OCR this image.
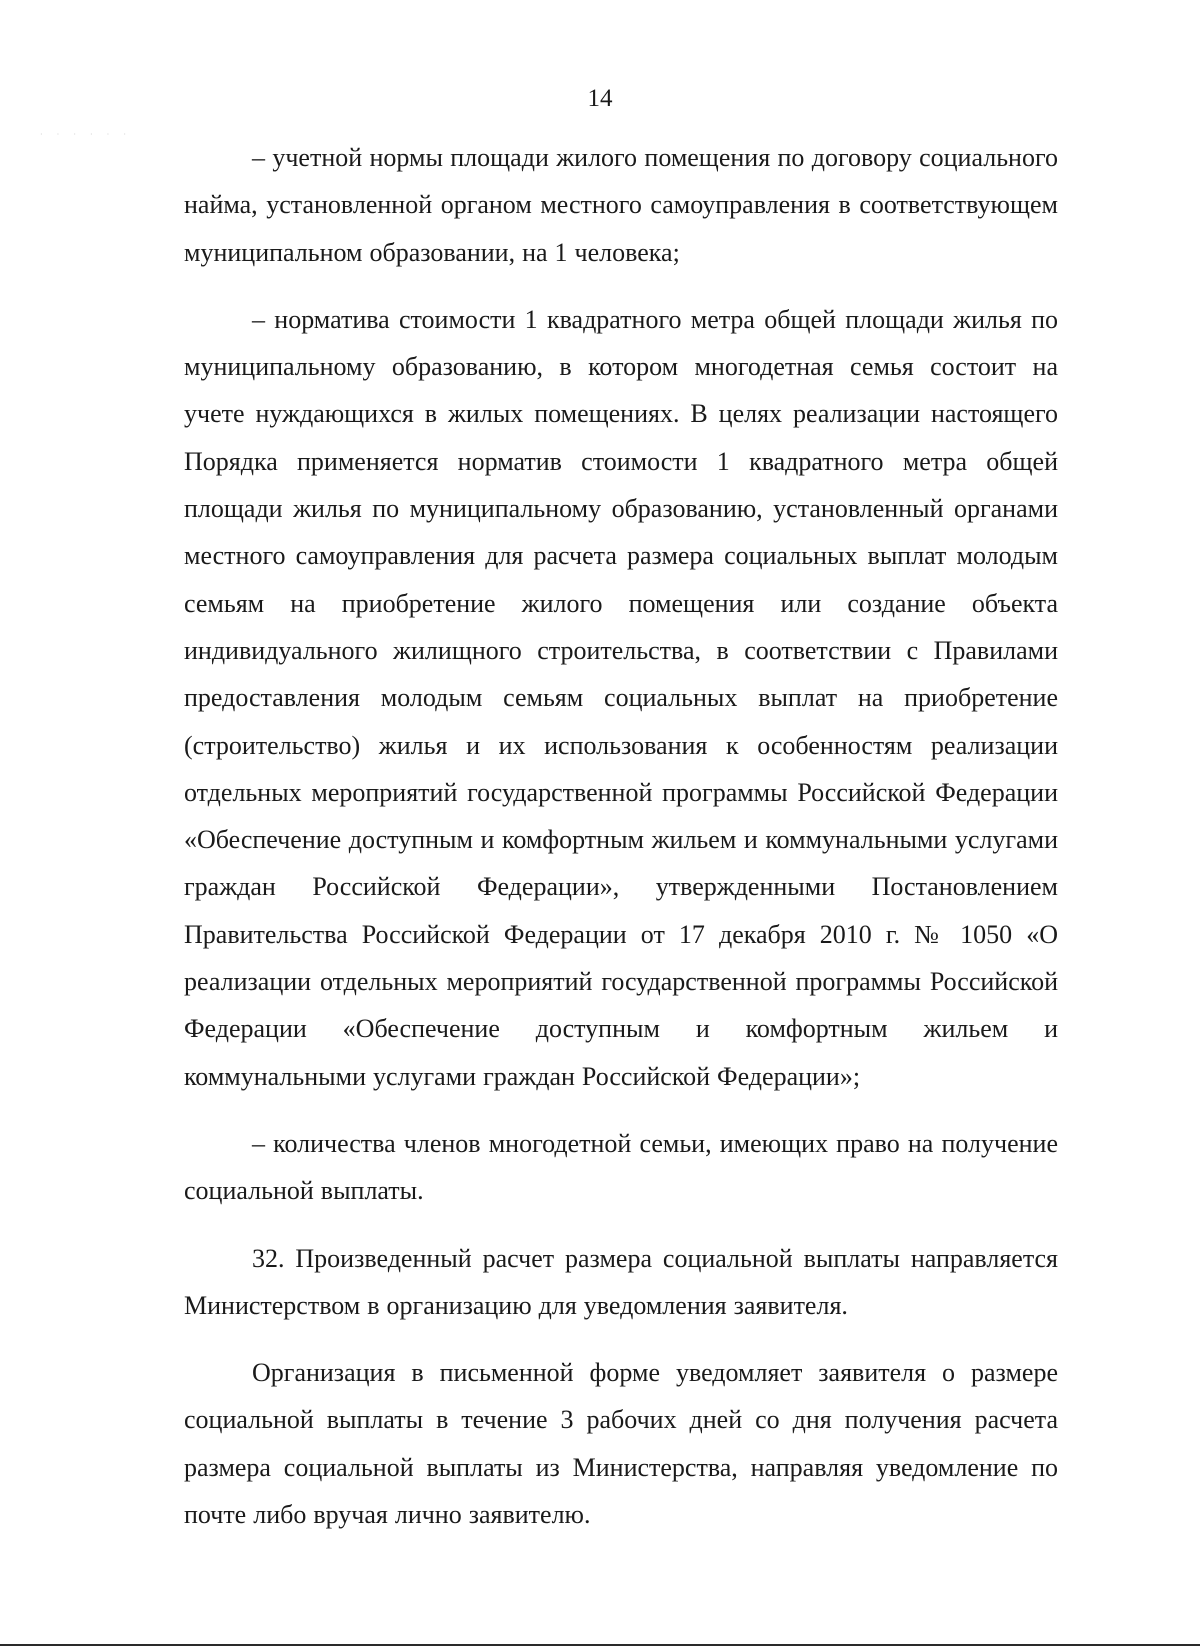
· · · · · ·
14

– учетной нормы площади жилого помещения по договору социального найма, установленной органом местного самоуправления в соответствующем муниципальном образовании, на 1 человека;

– норматива стоимости 1 квадратного метра общей площади жилья по муниципальному образованию, в котором многодетная семья состоит на учете нуждающихся в жилых помещениях. В целях реализации настоящего Порядка применяется норматив стоимости 1 квадратного метра общей площади жилья по муниципальному образованию, установленный органами местного самоуправления для расчета размера социальных выплат молодым семьям на приобретение жилого помещения или создание объекта индивидуального жилищного строительства, в соответствии с Правилами предоставления молодым семьям социальных выплат на приобретение (строительство) жилья и их использования к особенностям реализации отдельных мероприятий государственной программы Российской Федерации «Обеспечение доступным и комфортным жильем и коммунальными услугами граждан Российской Федерации», утвержденными Постановлением Правительства Российской Федерации от 17 декабря 2010 г. № 1050 «О реализации отдельных мероприятий государственной программы Российской Федерации «Обеспечение доступным и комфортным жильем и коммунальными услугами граждан Российской Федерации»;

– количества членов многодетной семьи, имеющих право на получение социальной выплаты.

32. Произведенный расчет размера социальной выплаты направляется Министерством в организацию для уведомления заявителя.

Организация в письменной форме уведомляет заявителя о размере социальной выплаты в течение 3 рабочих дней со дня получения расчета размера социальной выплаты из Министерства, направляя уведомление по почте либо вручая лично заявителю.
